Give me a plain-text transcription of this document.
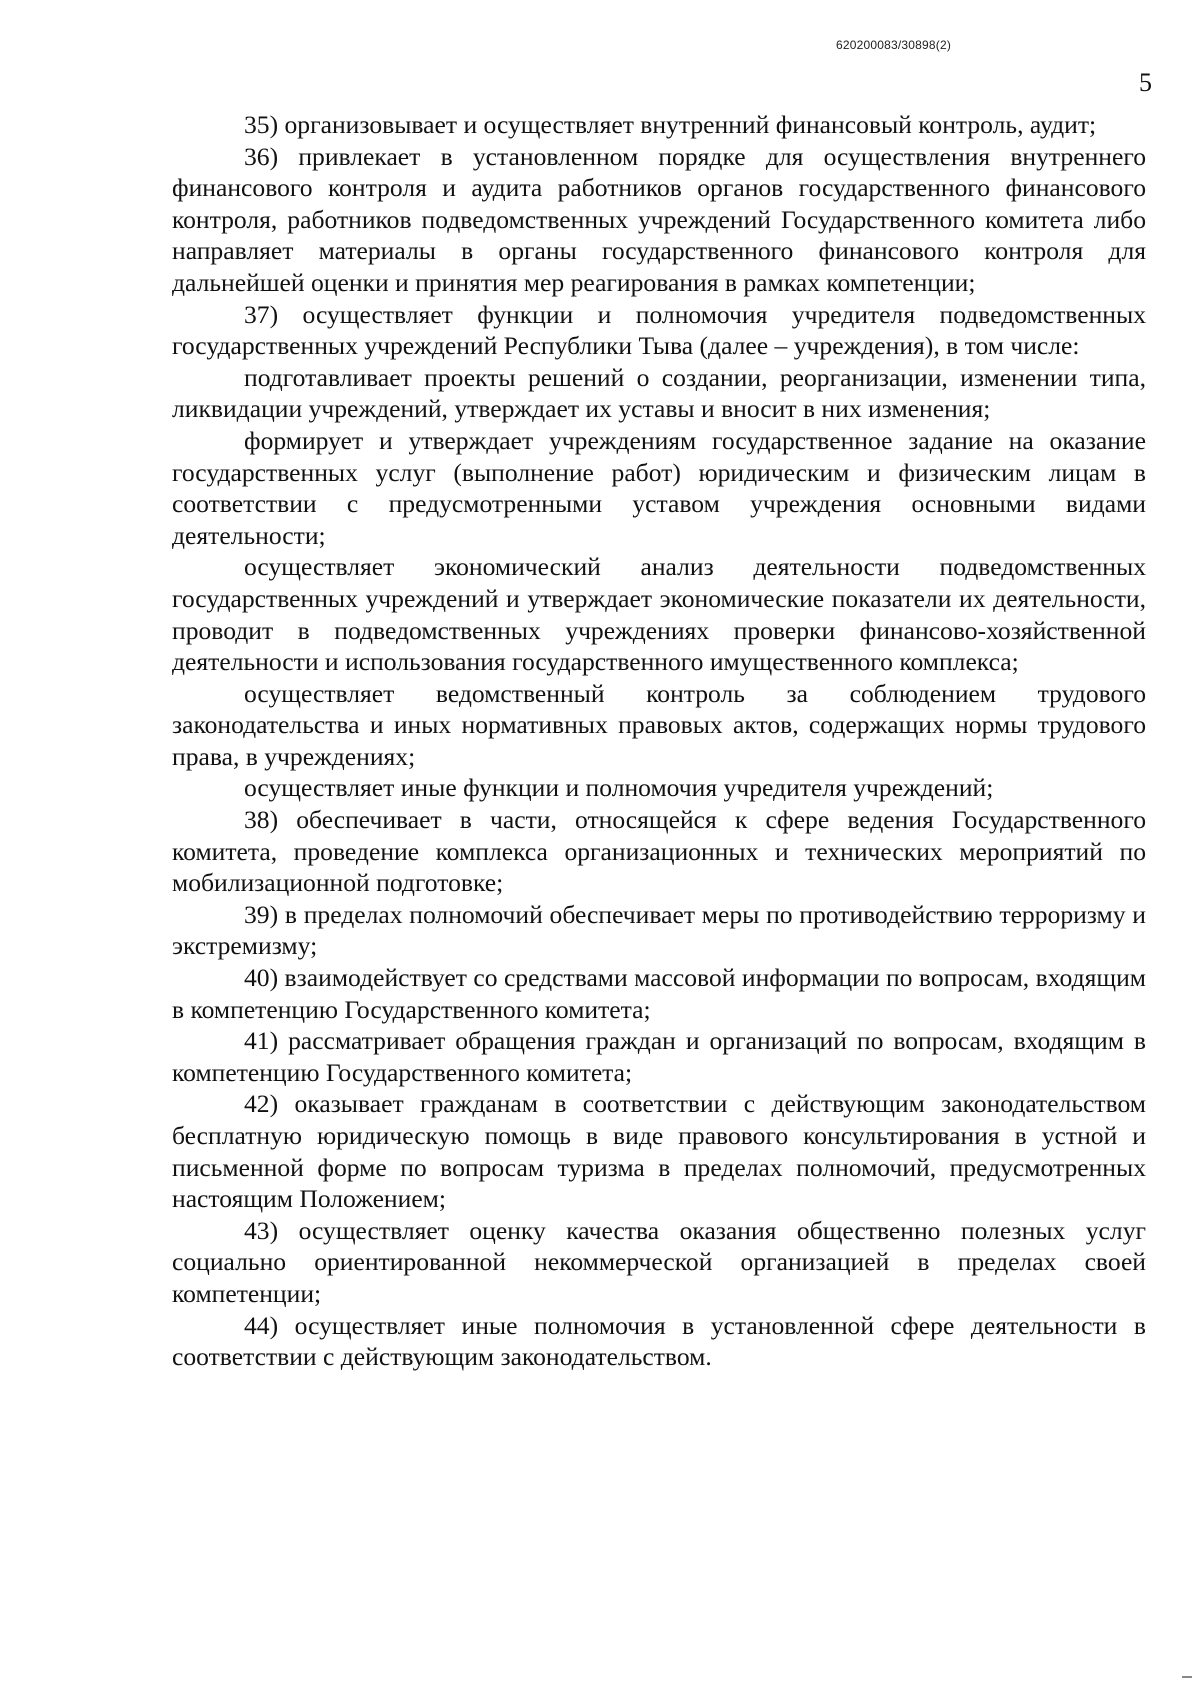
620200083/30898(2)
5

35) организовывает и осуществляет внутренний финансовый контроль, аудит;

36) привлекает в установленном порядке для осуществления внутреннего финансового контроля и аудита работников органов государственного финансового контроля, работников подведомственных учреждений Государственного комитета либо направляет материалы в органы государственного финансового контроля для дальнейшей оценки и принятия мер реагирования в рамках компетенции;

37) осуществляет функции и полномочия учредителя подведомственных государственных учреждений Республики Тыва (далее – учреждения), в том числе:

подготавливает проекты решений о создании, реорганизации, изменении типа, ликвидации учреждений, утверждает их уставы и вносит в них изменения;

формирует и утверждает учреждениям государственное задание на оказание государственных услуг (выполнение работ) юридическим и физическим лицам в соответствии с предусмотренными уставом учреждения основными видами деятельности;

осуществляет экономический анализ деятельности подведомственных государственных учреждений и утверждает экономические показатели их деятельности, проводит в подведомственных учреждениях проверки финансово-хозяйственной деятельности и использования государственного имущественного комплекса;

осуществляет ведомственный контроль за соблюдением трудового законодательства и иных нормативных правовых актов, содержащих нормы трудового права, в учреждениях;

осуществляет иные функции и полномочия учредителя учреждений;

38) обеспечивает в части, относящейся к сфере ведения Государственного комитета, проведение комплекса организационных и технических мероприятий по мобилизационной подготовке;

39) в пределах полномочий обеспечивает меры по противодействию терроризму и экстремизму;

40) взаимодействует со средствами массовой информации по вопросам, входящим в компетенцию Государственного комитета;

41) рассматривает обращения граждан и организаций по вопросам, входящим в компетенцию Государственного комитета;

42) оказывает гражданам в соответствии с действующим законодательством бесплатную юридическую помощь в виде правового консультирования в устной и письменной форме по вопросам туризма в пределах полномочий, предусмотренных настоящим Положением;

43) осуществляет оценку качества оказания общественно полезных услуг социально ориентированной некоммерческой организацией в пределах своей компетенции;

44) осуществляет иные полномочия в установленной сфере деятельности в соответствии с действующим законодательством.
